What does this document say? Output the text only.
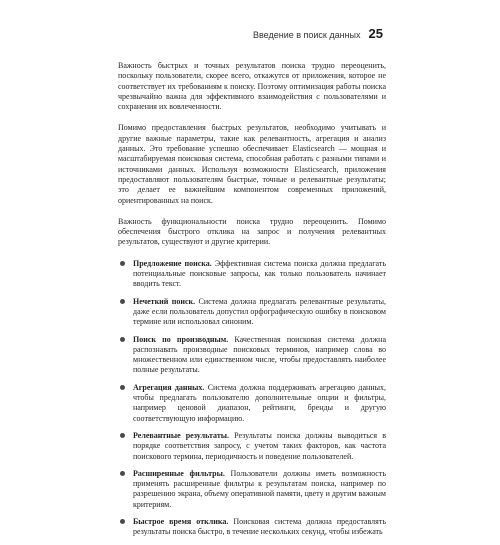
Введение в поиск данных 25

Важность быстрых и точных результатов поиска трудно переоценить, поскольку пользователи, скорее всего, откажутся от приложения, которое не соответствует их требованиям к поиску. Поэтому оптимизация работы поиска чрезвычайно важна для эффективного взаимодействия с пользователями и сохранения их вовлеченности.

Помимо предоставления быстрых результатов, необходимо учитывать и другие важные параметры, такие как релевантность, агрегация и анализ данных. Это требование успешно обеспечивает Elasticsearch — мощная и масштабируемая поисковая система, способная работать с разными типами и источниками данных. Используя возможности Elasticsearch, приложения предоставляют пользователям быстрые, точные и релевантные результаты; это делает ее важнейшим компонентом современных приложений, ориентированных на поиск.

Важность функциональности поиска трудно переоценить. Помимо обеспечения быстрого отклика на запрос и получения релевантных результатов, существуют и другие критерии.

Предложение поиска. Эффективная система поиска должна предлагать потенциальные поисковые запросы, как только пользователь начинает вводить текст.
Нечеткий поиск. Система должна предлагать релевантные результаты, даже если пользователь допустил орфографическую ошибку в поисковом термине или использовал синоним.
Поиск по производным. Качественная поисковая система должна распознавать производные поисковых терминов, например слова во множественном или единственном числе, чтобы предоставлять наиболее полные результаты.
Агрегация данных. Система должна поддерживать агрегацию данных, чтобы предлагать пользователю дополнительные опции и фильтры, например ценовой диапазон, рейтинги, бренды и другую соответствующую информацию.
Релевантные результаты. Результаты поиска должны выводиться в порядке соответствия запросу, с учетом таких факторов, как частота поискового термина, периодичность и поведение пользователей.
Расширенные фильтры. Пользователи должны иметь возможность применять расширенные фильтры к результатам поиска, например по разрешению экрана, объему оперативной памяти, цвету и другим важным критериям.
Быстрое время отклика. Поисковая система должна предоставлять результаты поиска быстро, в течение нескольких секунд, чтобы избежать
